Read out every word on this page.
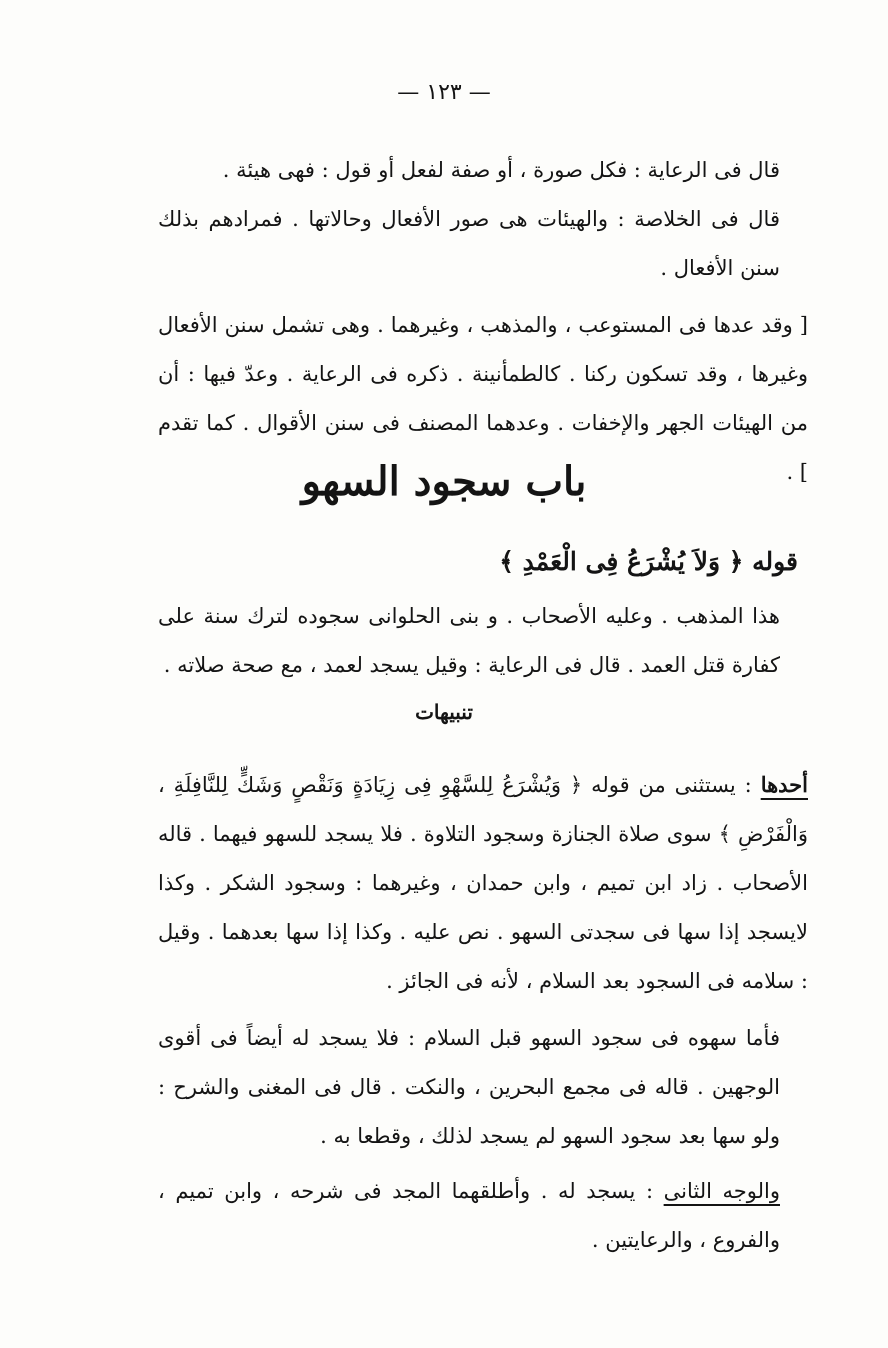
— ١٢٣ —

قال فى الرعاية : فكل صورة ، أو صفة لفعل أو قول : فهى هيئة .

قال فى الخلاصة : والهيئات هى صور الأفعال وحالاتها . فمرادهم بذلك سنن الأفعال .

[ وقد عدها فى المستوعب ، والمذهب ، وغيرهما . وهى تشمل سنن الأفعال وغيرها ، وقد تسكون ركنا . كالطمأنينة . ذكره فى الرعاية . وعدّ فيها : أن من الهيئات الجهر والإخفات . وعدهما المصنف فى سنن الأقوال . كما تقدم ] .

باب سجود السهو

قوله ﴿ وَلاَ يُشْرَعُ فِى الْعَمْدِ ﴾

هذا المذهب . وعليه الأصحاب . و بنى الحلوانى سجوده لترك سنة على كفارة قتل العمد . قال فى الرعاية : وقيل يسجد لعمد ، مع صحة صلاته .

تنبيهات

أحدها : يستثنى من قوله ﴿ وَيُشْرَعُ لِلسَّهْوِ فِى زِيَادَةٍ وَنَقْصٍ وَشَكٍّ لِلنَّافِلَةِ ، وَالْفَرْضِ ﴾ سوى صلاة الجنازة وسجود التلاوة . فلا يسجد للسهو فيهما . قاله الأصحاب . زاد ابن تميم ، وابن حمدان ، وغيرهما : وسجود الشكر . وكذا لايسجد إذا سها فى سجدتى السهو . نص عليه . وكذا إذا سها بعدهما . وقيل : سلامه فى السجود بعد السلام ، لأنه فى الجائز .

فأما سهوه فى سجود السهو قبل السلام : فلا يسجد له أيضاً فى أقوى الوجهين . قاله فى مجمع البحرين ، والنكت . قال فى المغنى والشرح : ولو سها بعد سجود السهو لم يسجد لذلك ، وقطعا به .

والوجه الثانى : يسجد له . وأطلقهما المجد فى شرحه ، وابن تميم ، والفروع ، والرعايتين .
